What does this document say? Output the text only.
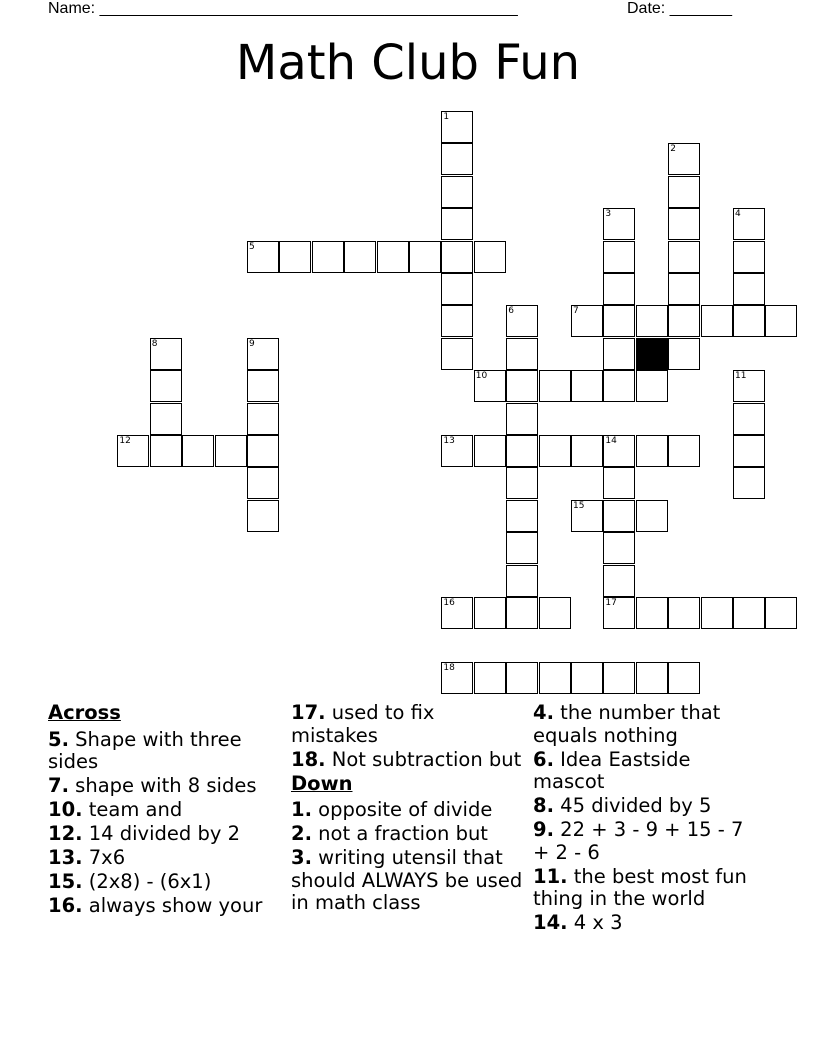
Name: _______________________________________________	Date: _______
Math Club Fun
1
2
3	4
5
6	7
8	9
10	11
12	13	14
15
16	17
18
Across
5. Shape with three sides
7. shape with 8 sides
10. team and
12. 14 divided by 2
13. 7x6
15. (2x8) - (6x1)
16. always show your
17. used to fix mistakes
18. Not subtraction but
Down
1. opposite of divide
2. not a fraction but
3. writing utensil that should ALWAYS be used in math class
4. the number that equals nothing
6. Idea Eastside mascot
8. 45 divided by 5
9. 22 + 3 - 9 + 15 - 7 + 2 - 6
11. the best most fun thing in the world
14. 4 x 3
